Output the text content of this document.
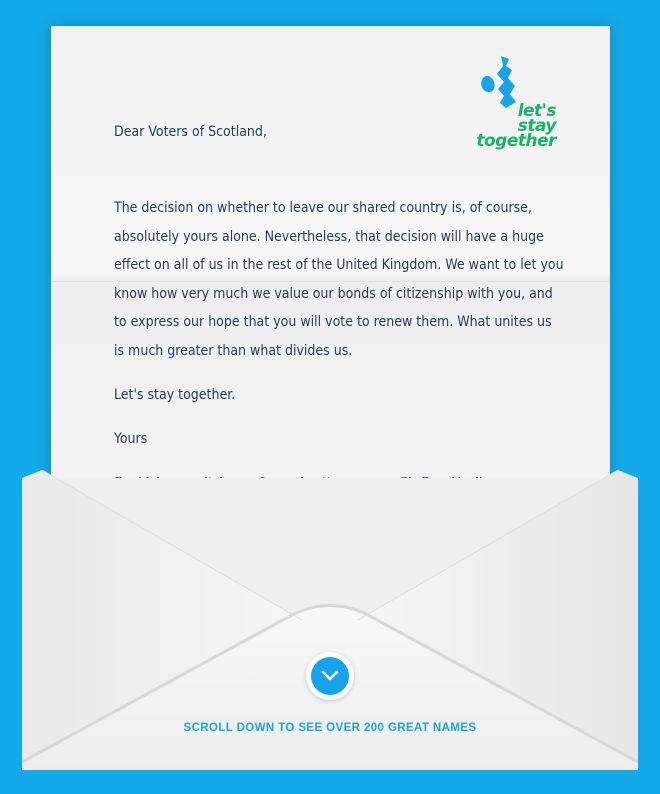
let's
stay
together

Dear Voters of Scotland,

The decision on whether to leave our shared country is, of course, absolutely yours alone. Nevertheless, that decision will have a huge effect on all of us in the rest of the United Kingdom. We want to let you know how very much we value our bonds of citizenship with you, and to express our hope that you will vote to renew them. What unites us is much greater than what divides us.

Let's stay together.

Yours

SCROLL DOWN TO SEE OVER 200 GREAT NAMES
